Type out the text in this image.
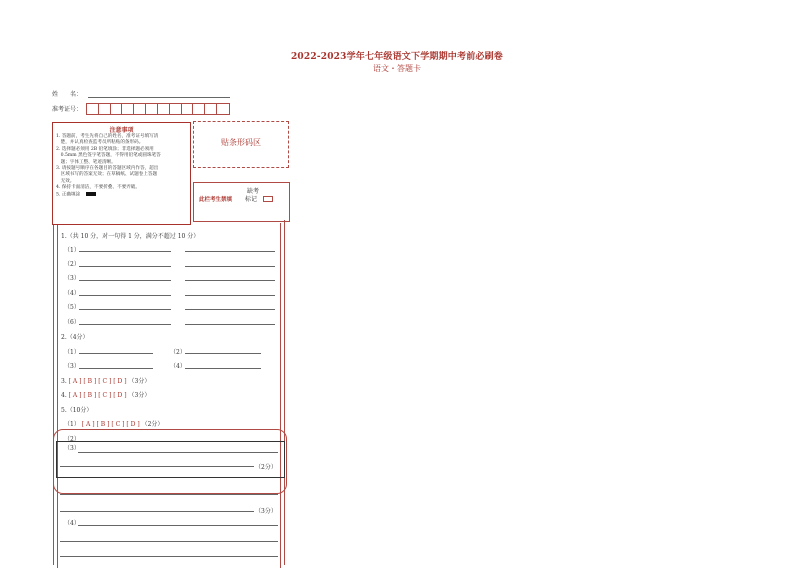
2022-2023学年七年级语文下学期期中考前必刷卷
语文・答题卡
姓　　名：
准考证号：
注意事项
1. 答题前，考生先将自己的姓名，准考证号填写清
　楚，并认真检查监考员所粘贴的条形码。
2. 选择题必须用 2B 铅笔填涂；非选择题必须用
　0.5mm 黑色签字笔答题，不得用铅笔或圆珠笔答
　题；字体工整、笔迹清晰。
3. 请按题号顺序在各题目的答题区域内作答，超出
　区域书写的答案无效；在草稿纸、试题卷上答题
　无效。
4. 保持卡面清洁，不要折叠、不要弄破。
5. 正确填涂
贴条形码区
此栏考生禁填
缺考
标记
1.（共 10 分，对一句得 1 分，满分不超过 10 分）
（1）
（2）
（3）
（4）
（5）
（6）
2.（4分）
（1）	（2）
（3）	（4）
3. [ A ] [ B ] [ C ] [ D ] （3分）
4. [ A ] [ B ] [ C ] [ D ] （3分）
5.（10分）
（1） [ A ] [ B ] [ C ] [ D ] （2分）
（2）
（3）
（2分）
（3分）
（4）
